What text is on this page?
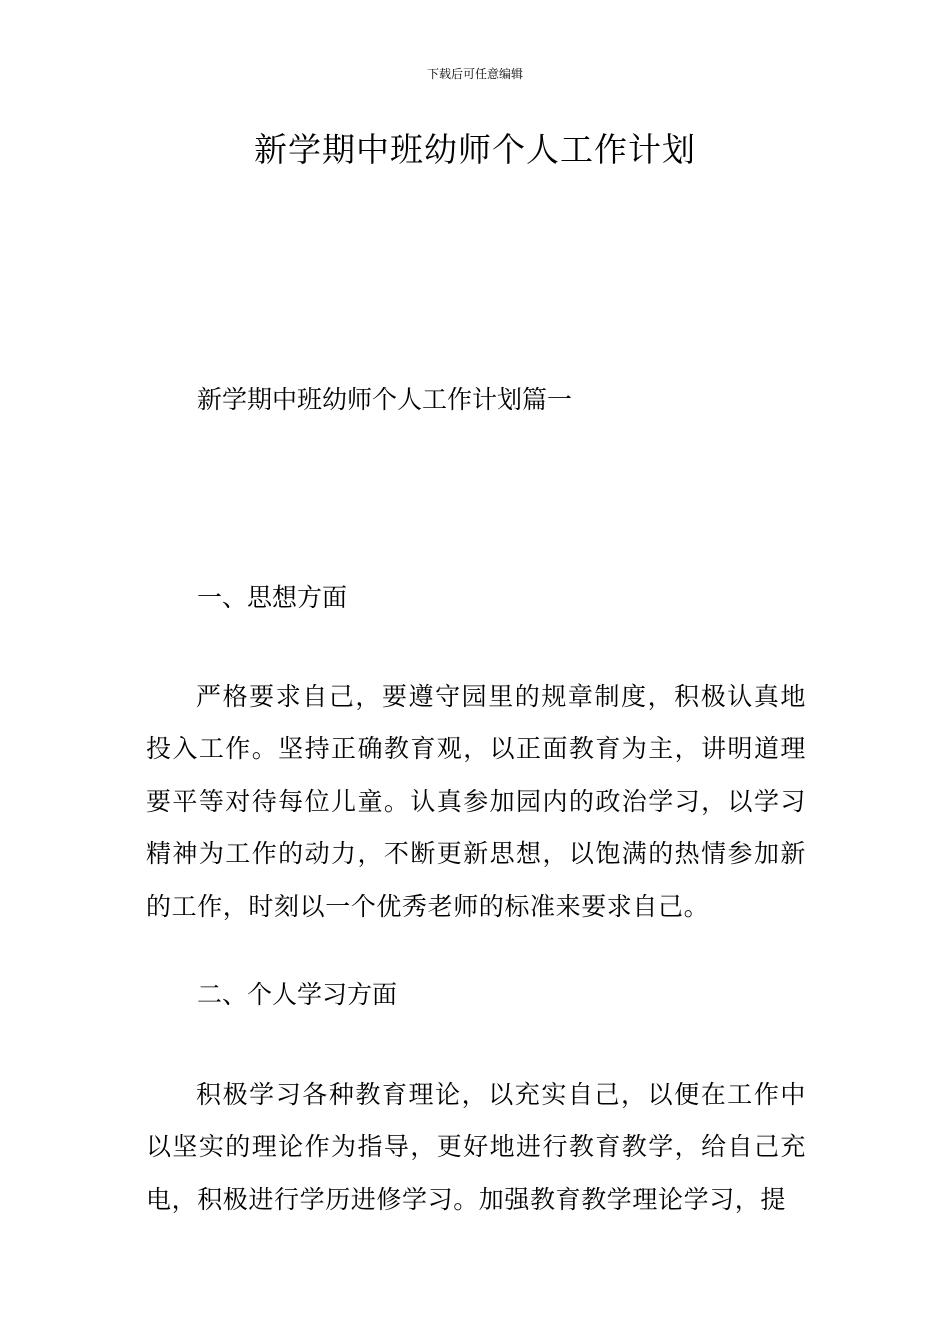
下载后可任意编辑
新学期中班幼师个人工作计划

新学期中班幼师个人工作计划篇一

一、思想方面

严格要求自己，要遵守园里的规章制度，积极认真地投入工作。坚持正确教育观，以正面教育为主，讲明道理要平等对待每位儿童。认真参加园内的政治学习，以学习精神为工作的动力，不断更新思想，以饱满的热情参加新的工作，时刻以一个优秀老师的标准来要求自己。

二、个人学习方面

积极学习各种教育理论，以充实自己，以便在工作中以坚实的理论作为指导，更好地进行教育教学，给自己充电，积极进行学历进修学习。加强教育教学理论学习，提
